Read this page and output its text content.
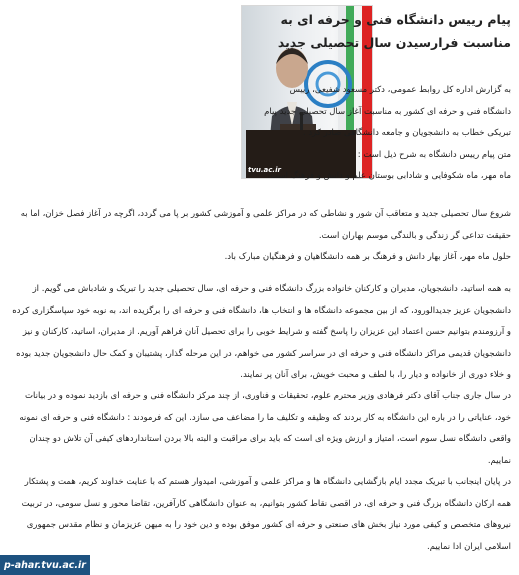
tvu.ac.ir
پیام رییس دانشگاه فنی و حرفه ای به مناسبت فرارسیدن سال تحصیلی جدید

به گزارش اداره کل روابط عمومی، دکتر مسعود شفیعی، رییس دانشگاه فنی و حرفه ای کشور به مناسبت آغاز سال تحصیلی جدید پیام تبریکی خطاب به دانشجویان و جامعه دانشگاهی صادر کرد .

متن پیام رییس دانشگاه به شرح ذیل است :

ماه مهر، ماه شکوفایی و شادابی بوستان علم و دانش و فرهنگ است،

شروع سال تحصیلی جدید و متعاقب آن شور و نشاطی که در مراکز علمی و آموزشی کشور بر پا می گردد، اگرچه در آغاز فصل خزان، اما به حقیقت تداعی گر زندگی و بالندگی موسم بهاران است.

حلول ماه مهر، آغاز بهار دانش و فرهنگ بر همه دانشگاهیان و فرهنگیان مبارک باد.

به همه اساتید، دانشجویان، مدیران و کارکنان خانواده بزرگ دانشگاه فنی و حرفه ای، سال تحصیلی جدید را تبریک و شادباش می گویم. از دانشجویان عزیز جدیدالورود، که از بین مجموعه دانشگاه ها و انتخاب ها، دانشگاه فنی و حرفه ای را برگزیده اند، به نوبه خود سپاسگزاری کرده و آرزومندم بتوانیم حسن اعتماد این عزیزان را پاسخ گفته و شرایط خوبی را برای تحصیل آنان فراهم آوریم. از مدیران، اساتید، کارکنان و نیز دانشجویان قدیمی مراکز دانشگاه فنی و حرفه ای در سراسر کشور می خواهم، در این مرحله گذار، پشتیبان و کمک حال دانشجویان جدید بوده و خلاء دوری از خانواده و دیار را، با لطف و محبت خویش، برای آنان پر نمایند.

در سال جاری جناب آقای دکتر فرهادی وزیر محترم علوم، تحقیقات و فناوری، از چند مرکز دانشگاه فنی و حرفه ای بازدید نموده و در بیانات خود، عنایاتی را در باره این دانشگاه به کار بردند که وظیفه و تکلیف ما را مضاعف می سازد. این که فرمودند : دانشگاه فنی و حرفه ای نمونه واقعی دانشگاه نسل سوم است، امتیاز و ارزش ویژه ای است که باید برای مراقبت و البته بالا بردن استانداردهای کیفی آن تلاش دو چندان نماییم.

در پایان اینجانب با تبریک مجدد ایام بازگشایی دانشگاه ها و مراکز علمی و آموزشی، امیدوار هستم که با عنایت خداوند کریم، همت و پشتکار همه ارکان دانشگاه بزرگ فنی و حرفه ای، در اقصی نقاط کشور بتوانیم، به عنوان دانشگاهی کارآفرین، تقاضا محور و نسل سومی، در تربیت نیروهای متخصص و کیفی مورد نیاز بخش های صنعتی و حرفه ای کشور موفق بوده و دین خود را به میهن عزیزمان و نظام مقدس جمهوری اسلامی ایران ادا نماییم.

p-ahar.tvu.ac.ir
